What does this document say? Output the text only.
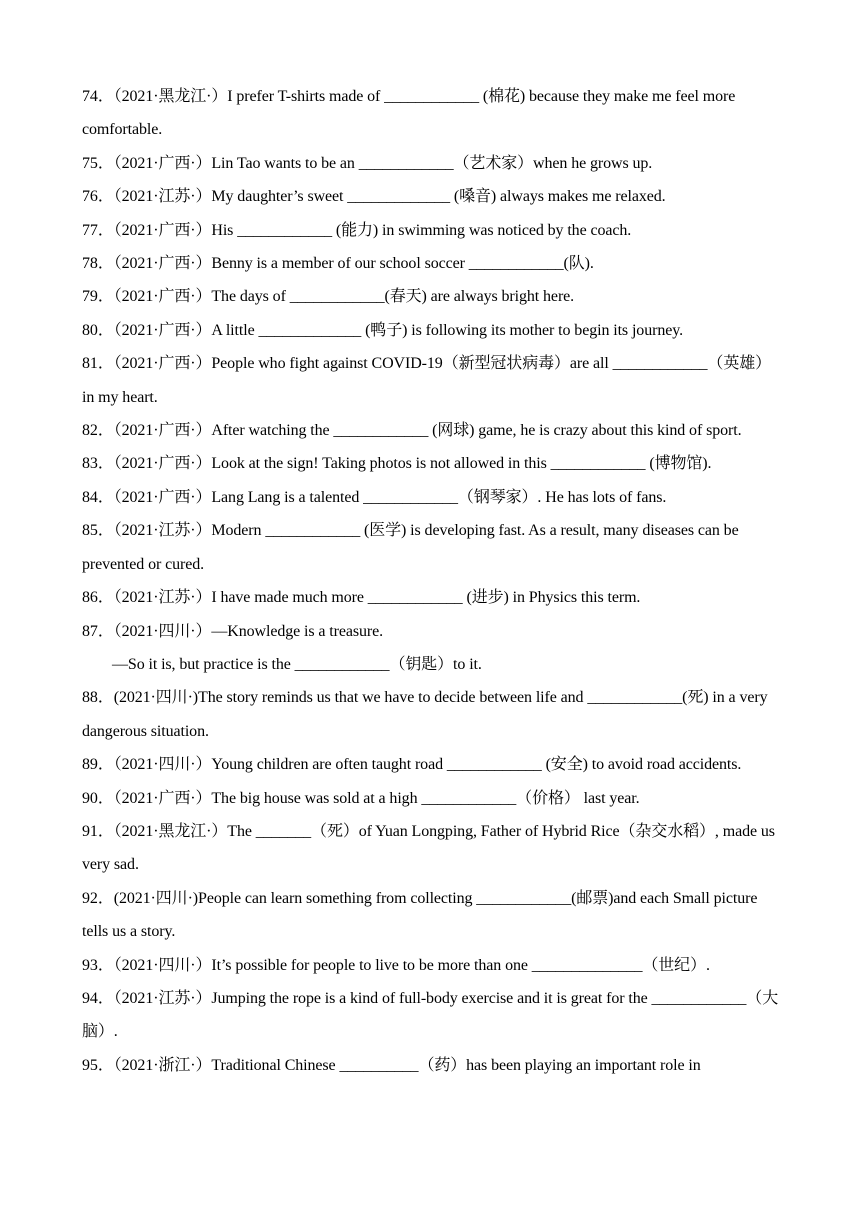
74．（2021·黑龙江·）I prefer T-shirts made of ____________ (棉花) because they make me feel more comfortable.

75．（2021·广西·）Lin Tao wants to be an ____________（艺术家）when he grows up.

76．（2021·江苏·）My daughter’s sweet _____________ (嗓音) always makes me relaxed.

77．（2021·广西·）His ____________ (能力) in swimming was noticed by the coach.

78．（2021·广西·）Benny is a member of our school soccer ____________(队).

79．（2021·广西·）The days of ____________(春天) are always bright here.

80．（2021·广西·）A little _____________ (鸭子) is following its mother to begin its journey.

81．（2021·广西·）People who fight against COVID-19（新型冠状病毒）are all ____________（英雄）in my heart.

82．（2021·广西·）After watching the ____________ (网球) game, he is crazy about this kind of sport.

83．（2021·广西·）Look at the sign! Taking photos is not allowed in this ____________ (博物馆).

84．（2021·广西·）Lang Lang is a talented ____________（钢琴家）. He has lots of fans.

85．（2021·江苏·）Modern ____________ (医学) is developing fast. As a result, many diseases can be prevented or cured.

86．（2021·江苏·）I have made much more ____________ (进步) in Physics this term.

87．（2021·四川·）—Knowledge is a treasure.

—So it is, but practice is the ____________（钥匙）to it.

88．(2021·四川·)The story reminds us that we have to decide between life and ____________(死) in a very dangerous situation.

89．（2021·四川·）Young children are often taught road ____________ (安全) to avoid road accidents.

90．（2021·广西·）The big house was sold at a high ____________（价格） last year.

91．（2021·黑龙江·）The _______（死）of Yuan Longping, Father of Hybrid Rice（杂交水稻）, made us very sad.

92．(2021·四川·)People can learn something from collecting ____________(邮票)and each Small picture tells us a story.

93．（2021·四川·）It’s possible for people to live to be more than one ______________（世纪）.

94．（2021·江苏·）Jumping the rope is a kind of full-body exercise and it is great for the ____________（大脑）.

95．（2021·浙江·）Traditional Chinese __________（药）has been playing an important role in
